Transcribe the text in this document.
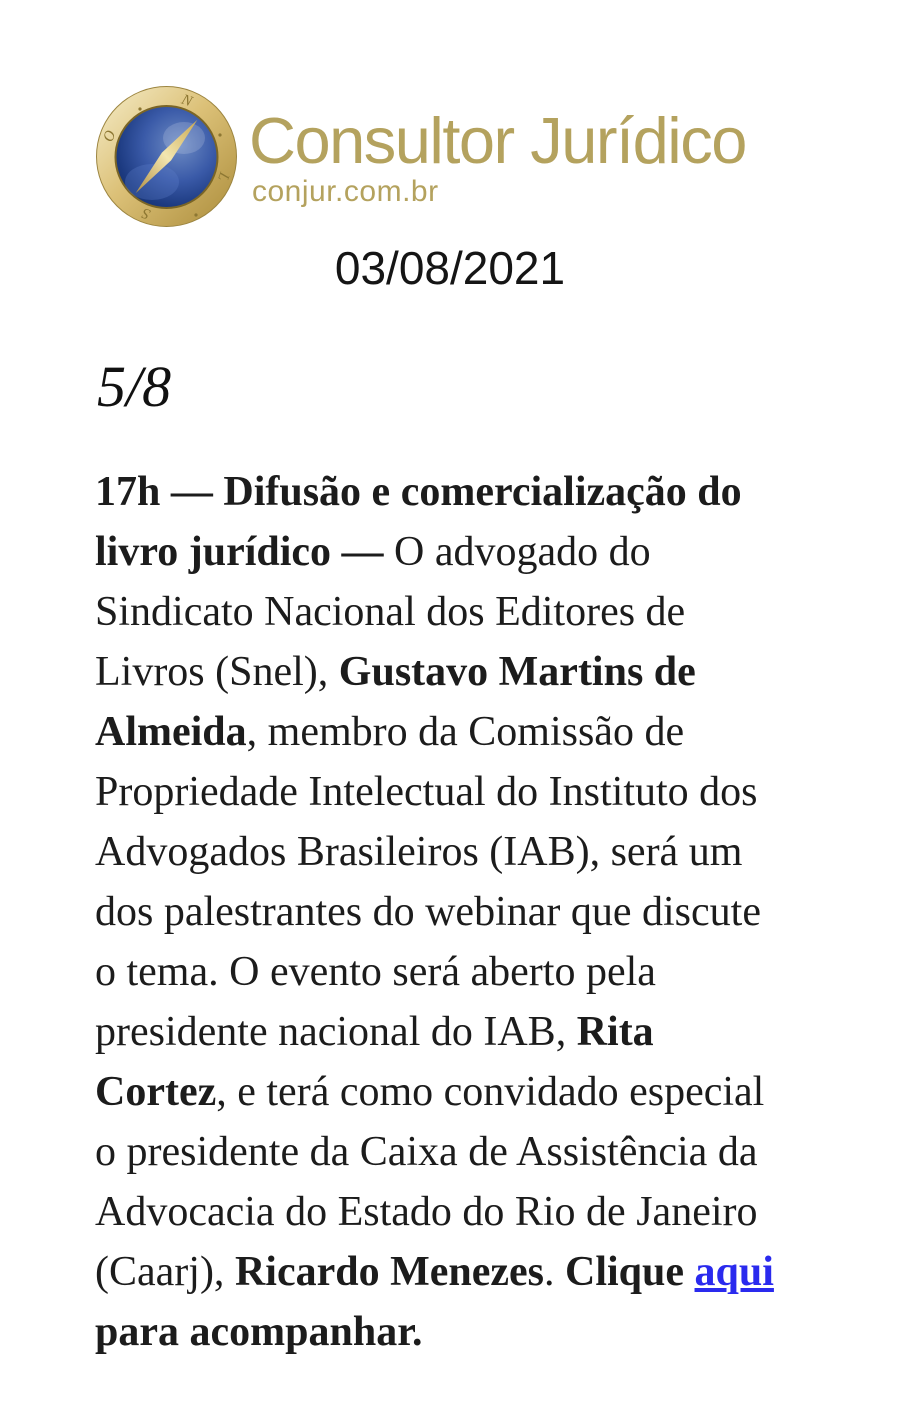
N
O
S
L Consultor Jurídico
conjur.com.br
03/08/2021
5/8
17h — Difusão e comercialização do
livro jurídico — O advogado do
Sindicato Nacional dos Editores de
Livros (Snel), Gustavo Martins de
Almeida, membro da Comissão de
Propriedade Intelectual do Instituto dos
Advogados Brasileiros (IAB), será um
dos palestrantes do webinar que discute
o tema. O evento será aberto pela
presidente nacional do IAB, Rita
Cortez, e terá como convidado especial
o presidente da Caixa de Assistência da
Advocacia do Estado do Rio de Janeiro
(Caarj), Ricardo Menezes. Clique aqui
para acompanhar.
